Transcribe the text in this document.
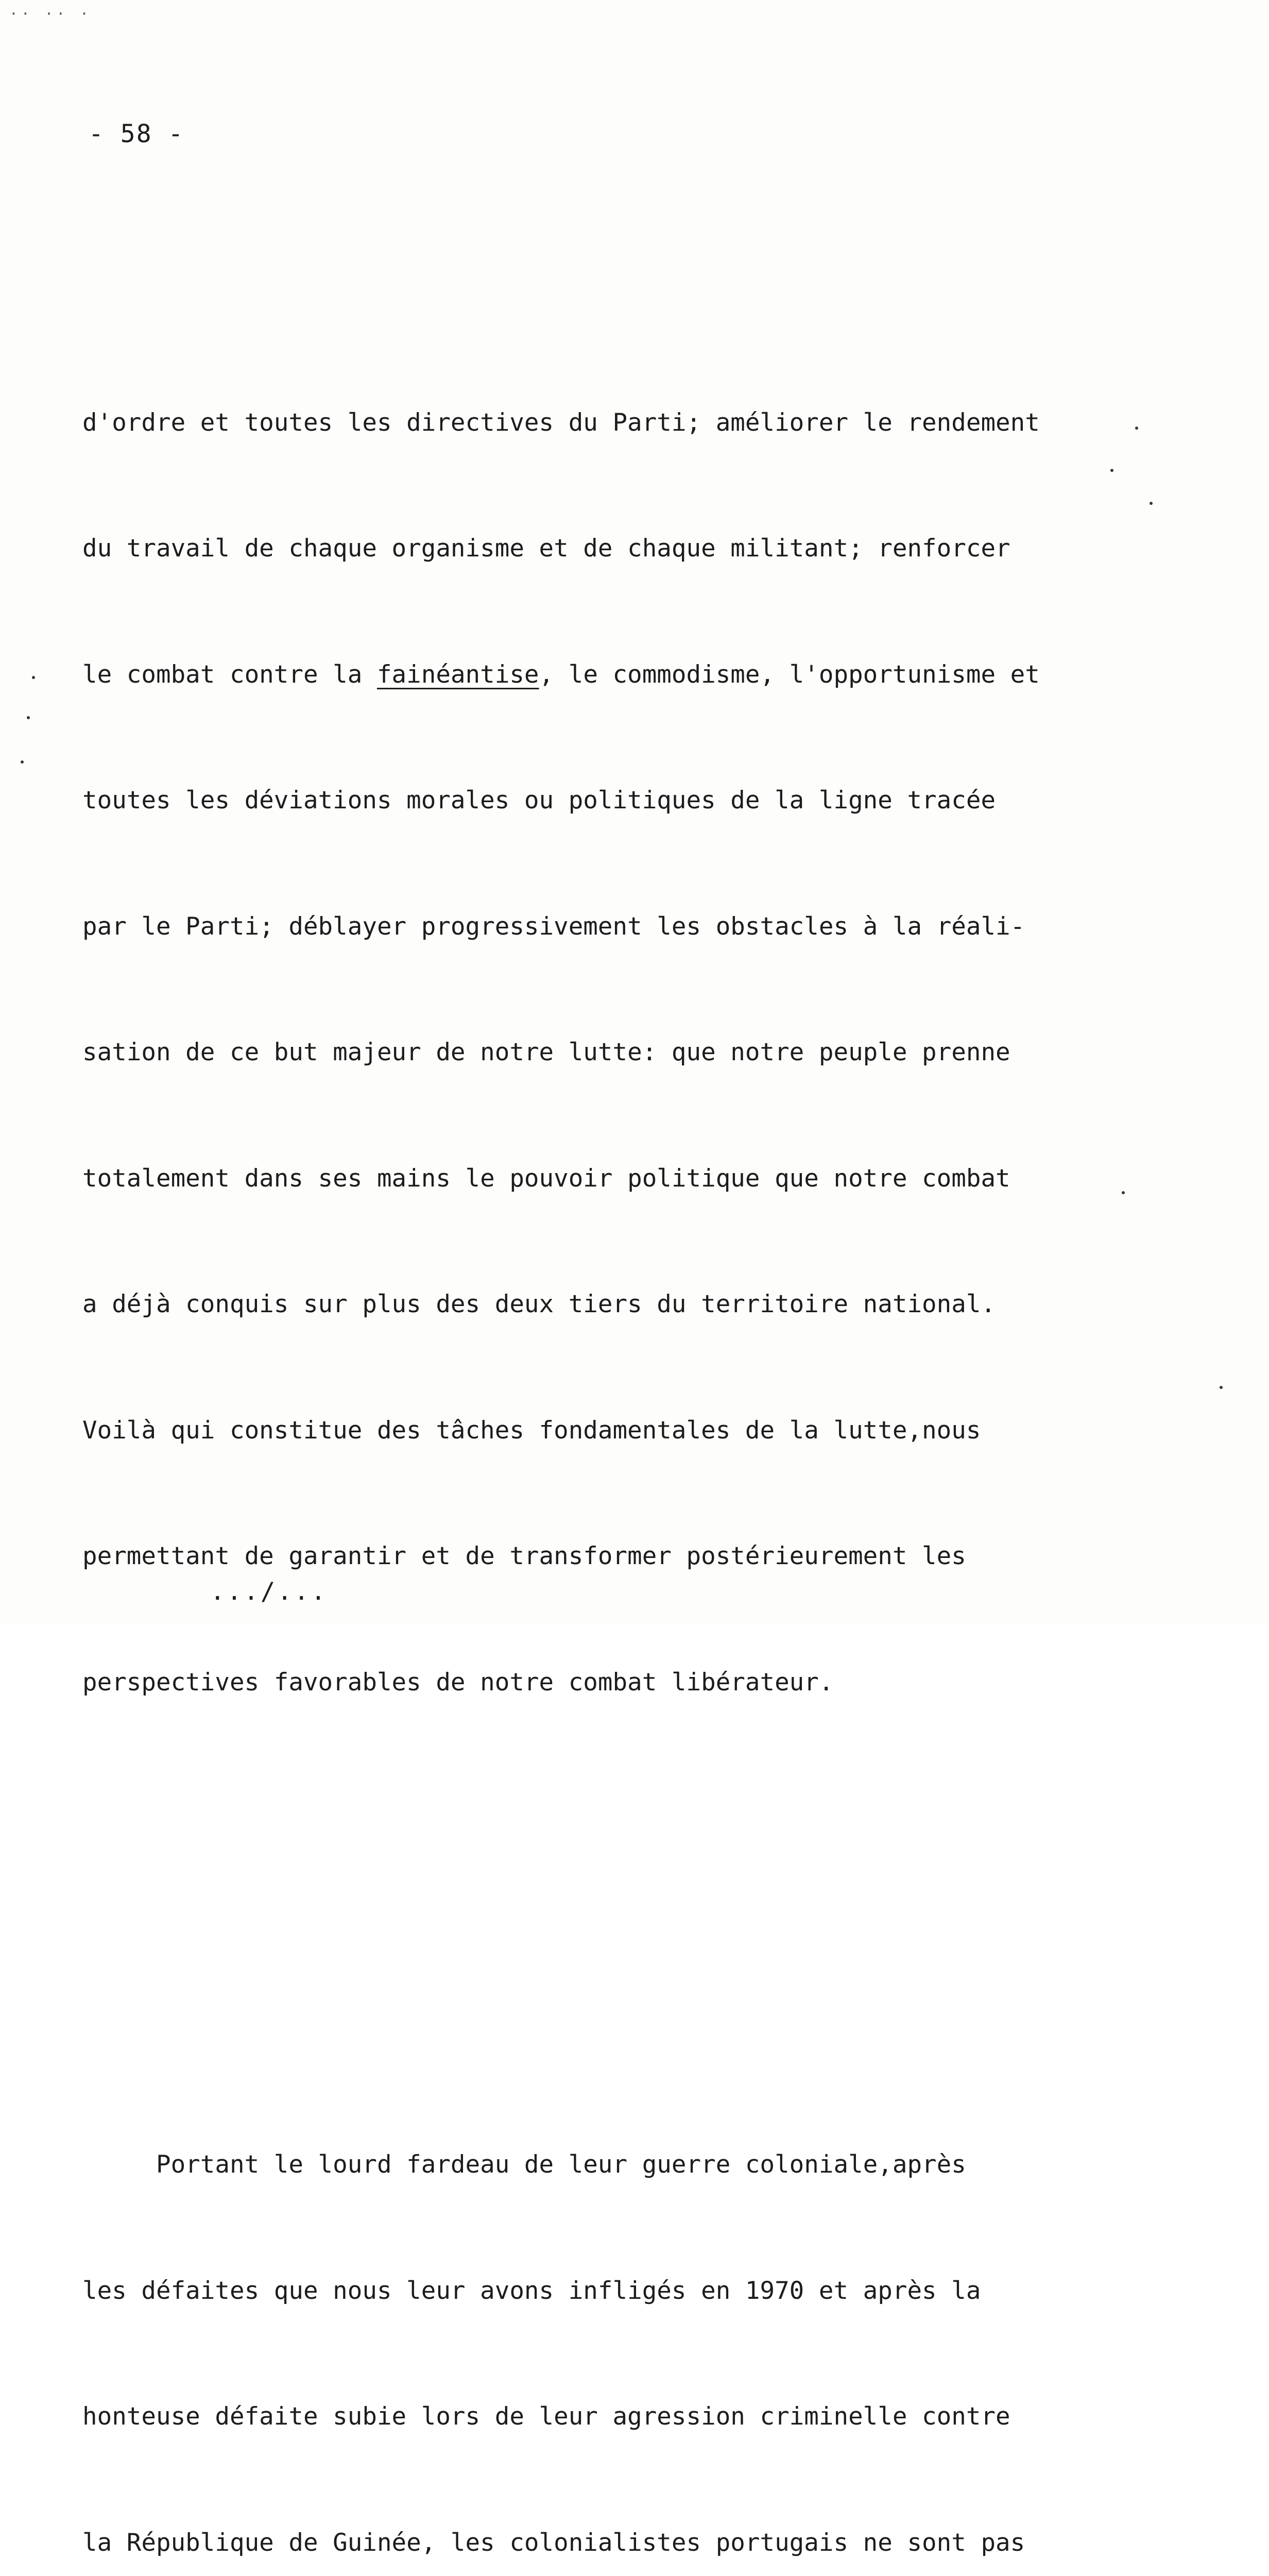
·· ·· ·
- 58 -

d'ordre et toutes les directives du Parti; améliorer le rendement

du travail de chaque organisme et de chaque militant; renforcer

le combat contre la fainéantise, le commodisme, l'opportunisme et

toutes les déviations morales ou politiques de la ligne tracée

par le Parti; déblayer progressivement les obstacles à la réali-

sation de ce but majeur de notre lutte: que notre peuple prenne

totalement dans ses mains le pouvoir politique que notre combat

a déjà conquis sur plus des deux tiers du territoire national.

Voilà qui constitue des tâches fondamentales de la lutte,nous

permettant de garantir et de transformer postérieurement les

perspectives favorables de notre combat libérateur.

Portant le lourd fardeau de leur guerre coloniale,après

les défaites que nous leur avons infligés en 1970 et après la

honteuse défaite subie lors de leur agression criminelle contre

la République de Guinée, les colonialistes portugais ne sont pas

.../...
